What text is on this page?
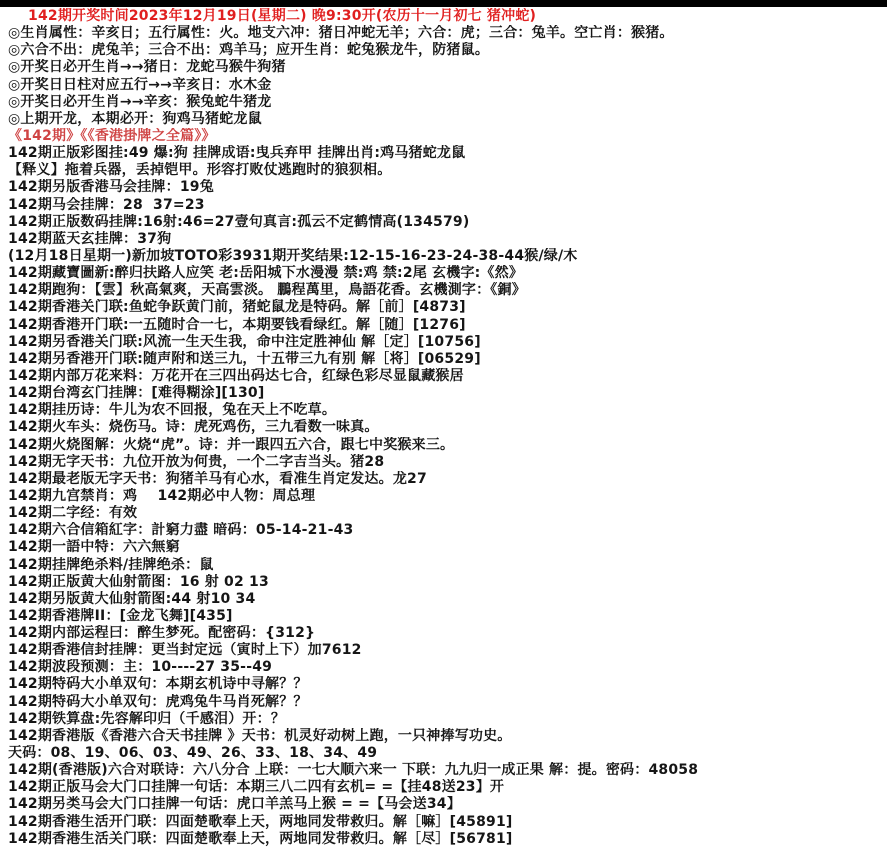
142期开奖时间2023年12月19日(星期二) 晚9:30开(农历十一月初七 猪冲蛇)
◎生肖属性：辛亥日；五行属性：火。地支六冲：猪日冲蛇无羊；六合：虎；三合：兔羊。空亡肖：猴猪。
◎六合不出：虎兔羊；三合不出：鸡羊马；应开生肖：蛇兔猴龙牛，防猪鼠。
◎开奖日必开生肖→→猪日：龙蛇马猴牛狗猪
◎开奖日日柱对应五行→→辛亥日：水木金
◎开奖日必开生肖→→辛亥：猴兔蛇牛猪龙
◎上期开龙，本期必开：狗鸡马猪蛇龙鼠
《142期》《《香港掛牌之全篇》》
142期正版彩图挂:49 爆:狗 挂牌成语:曳兵弃甲 挂牌出肖:鸡马猪蛇龙鼠
【释义】拖着兵器，丢掉铠甲。形容打败仗逃跑时的狼狈相。
142期另版香港马会挂牌：19兔
142期马会挂牌：28  37=23
142期正版数码挂牌:16射:46=27壹句真言:孤云不定鹤情高(134579)
142期蓝天玄挂牌：37狗
(12月18日星期一)新加坡TOTO彩3931期开奖结果:12-15-16-23-24-38-44猴/绿/木
142期藏寶圖新:醉归扶路人应笑 老:岳阳城下水漫漫 禁:鸡 禁:2尾 玄機字:《然》
142期跑狗：【雲】秋高氣爽，天高雲淡。 鵬程萬里，鳥語花香。玄機測字：《銅》
142期香港关门联:鱼蛇争跃黄门前，猪蛇鼠龙是特码。解［前］[4873]
142期香港开门联:一五随时合一七，本期要钱看绿红。解［随］[1276]
142期另香港关门联:风流一生天生我，命中注定胜神仙 解［定］[10756]
142期另香港开门联:随声附和送三九，十五带三九有别 解［将］[06529]
142期内部万花来料：万花开在三四出码达七合，红绿色彩尽显鼠藏猴居
142期台湾玄门挂牌：[难得糊涂][130]
142期挂历诗：牛儿为农不回报，兔在天上不吃草。
142期火车头：烧伤马。诗：虎死鸡伤，三九看数一味真。
142期火烧图解：火烧“虎”。诗：并一跟四五六合，跟七中奖猴来三。
142期无字天书：九位开放为何贵，一个二字吉当头。猪28
142期最老版无字天书：狗猪羊马有心水，看准生肖定发达。龙27
142期九宫禁肖：鸡    142期必中人物：周总理
142期二字经：有效
142期六合信箱紅字：計窮力盡 暗码：05-14-21-43
142期一語中特：六六無窮
142期挂牌绝杀料/挂牌绝杀：鼠
142期正版黄大仙射箭图：16 射 02 13
142期另版黄大仙射箭图:44 射10 34
142期香港牌II：[金龙飞舞][435]
142期内部运程曰：醉生梦死。配密码：{312}
142期香港信封挂牌：更当封定远（寅时上下）加7612
142期波段预测：主：10----27 35--49
142期特码大小单双句：本期玄机诗中寻解？？
142期特码大小单双句：虎鸡兔牛马肖死解？？
142期铁算盘:先容解印归（千感泪）开：？
142期香港版《香港六合天书挂牌 》天书：机灵好动树上跑，一只神捧写功史。
天码：08、19、06、03、49、26、33、18、34、49
142期(香港版)六合对联诗：六八分合 上联：一七大顺六来一 下联：九九归一成正果 解：提。密码：48058
142期正版马会大门口挂牌一句话：本期三八二四有玄机= =【挂48送23】开
142期另类马会大门口挂牌一句话：虎口羊羔马上猴 = =【马会送34】
142期香港生活开门联：四面楚歌奉上天，两地同发带救归。解［嘛］[45891]
142期香港生活关门联：四面楚歌奉上天，两地同发带救归。解［尽］[56781]
